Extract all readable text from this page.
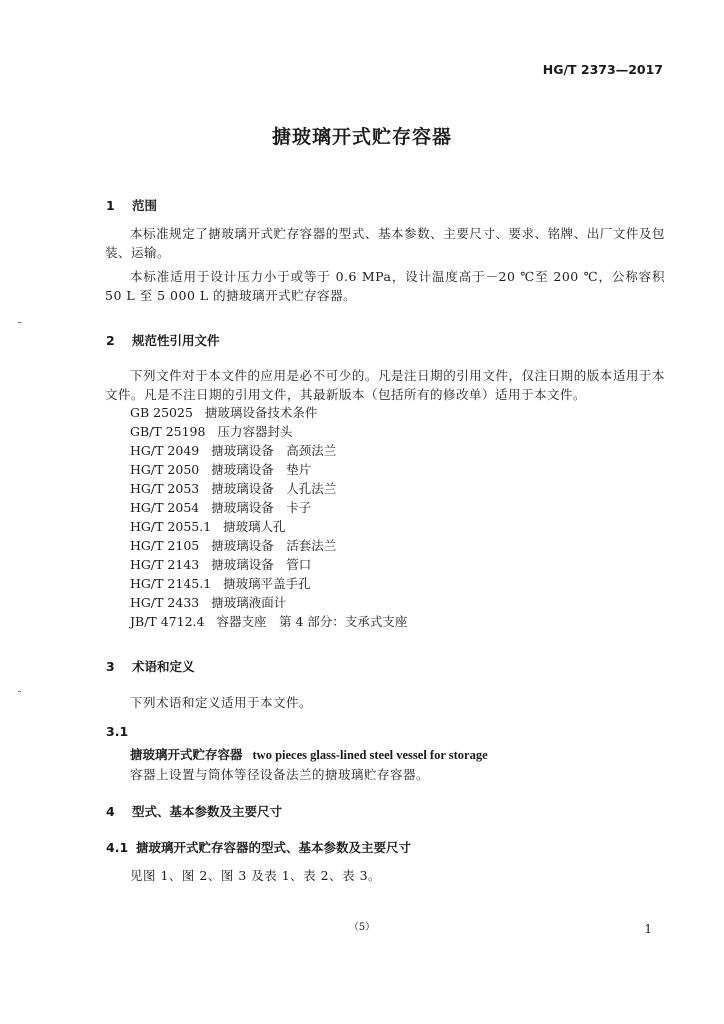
HG/T 2373—2017
搪玻璃开式贮存容器
1 范围

本标准规定了搪玻璃开式贮存容器的型式、基本参数、主要尺寸、要求、铭牌、出厂文件及包装、运输。

本标准适用于设计压力小于或等于 0.6 MPa，设计温度高于－20 ℃至 200 ℃，公称容积 50 L 至 5 000 L 的搪玻璃开式贮存容器。

2 规范性引用文件

下列文件对于本文件的应用是必不可少的。凡是注日期的引用文件，仅注日期的版本适用于本文件。凡是不注日期的引用文件，其最新版本（包括所有的修改单）适用于本文件。

GB 25025 搪玻璃设备技术条件
GB/T 25198 压力容器封头
HG/T 2049 搪玻璃设备　高颈法兰
HG/T 2050 搪玻璃设备　垫片
HG/T 2053 搪玻璃设备　人孔法兰
HG/T 2054 搪玻璃设备　卡子
HG/T 2055.1 搪玻璃人孔
HG/T 2105 搪玻璃设备　活套法兰
HG/T 2143 搪玻璃设备　管口
HG/T 2145.1 搪玻璃平盖手孔
HG/T 2433 搪玻璃液面计
JB/T 4712.4 容器支座　第 4 部分：支承式支座
3 术语和定义
下列术语和定义适用于本文件。
3.1
搪玻璃开式贮存容器 two pieces glass-lined steel vessel for storage
容器上设置与筒体等径设备法兰的搪玻璃贮存容器。
4 型式、基本参数及主要尺寸
4.1 搪玻璃开式贮存容器的型式、基本参数及主要尺寸
见图 1、图 2、图 3 及表 1、表 2、表 3。
（5）	1
